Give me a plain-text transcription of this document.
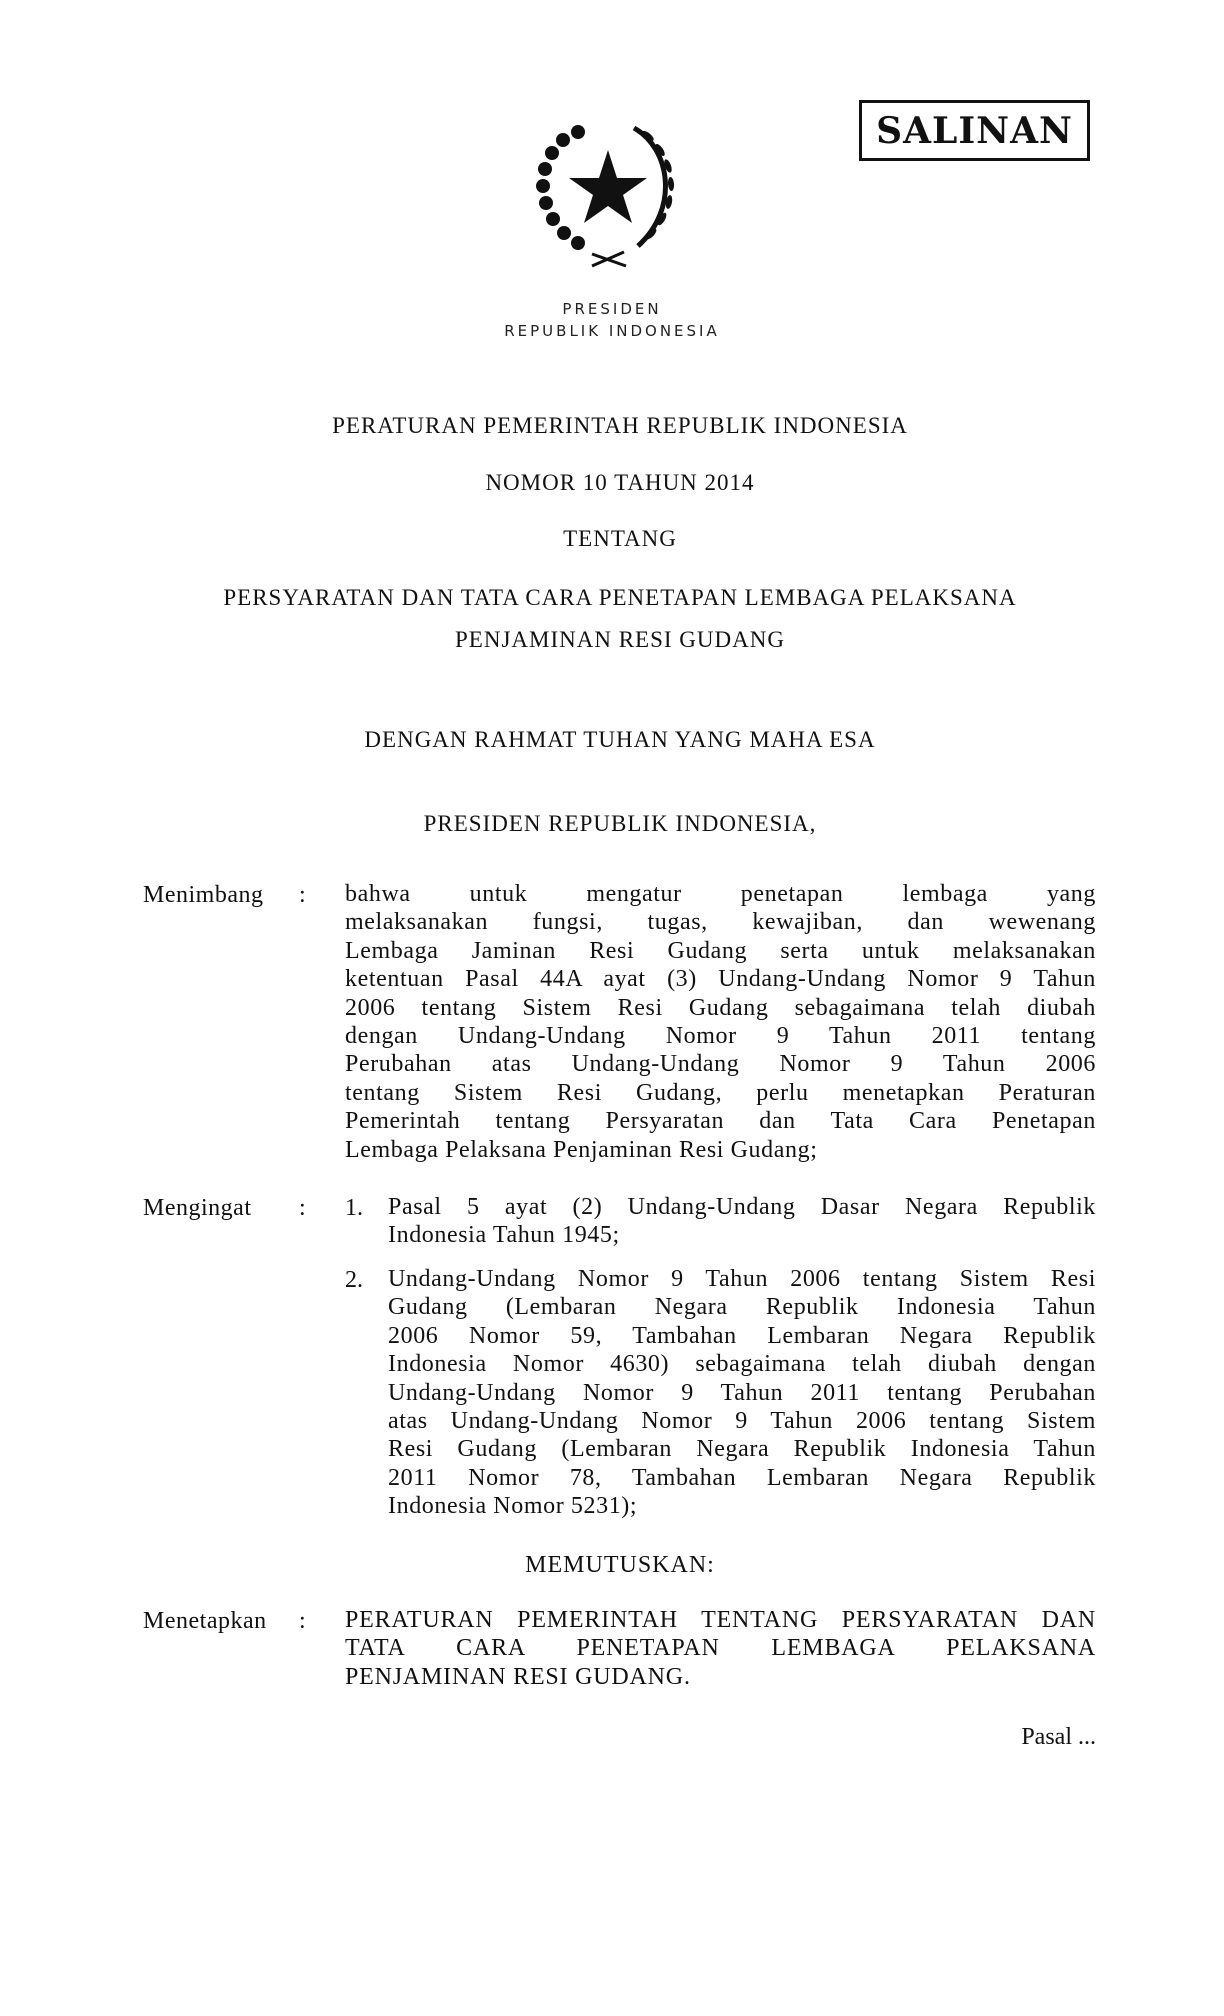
PRESIDEN
REPUBLIK INDONESIA
SALINAN
PERATURAN PEMERINTAH REPUBLIK INDONESIA
NOMOR 10 TAHUN 2014
TENTANG
PERSYARATAN DAN TATA CARA PENETAPAN LEMBAGA PELAKSANA
PENJAMINAN RESI GUDANG
DENGAN RAHMAT TUHAN YANG MAHA ESA
PRESIDEN REPUBLIK INDONESIA,
Menimbang : bahwa untuk mengatur penetapan lembaga yang
melaksanakan fungsi, tugas, kewajiban, dan wewenang
Lembaga Jaminan Resi Gudang serta untuk melaksanakan
ketentuan Pasal 44A ayat (3) Undang-Undang Nomor 9 Tahun
2006 tentang Sistem Resi Gudang sebagaimana telah diubah
dengan Undang-Undang Nomor 9 Tahun 2011 tentang
Perubahan atas Undang-Undang Nomor 9 Tahun 2006
tentang Sistem Resi Gudang, perlu menetapkan Peraturan
Pemerintah tentang Persyaratan dan Tata Cara Penetapan
Lembaga Pelaksana Penjaminan Resi Gudang;
Mengingat : 1. Pasal 5 ayat (2) Undang-Undang Dasar Negara Republik
Indonesia Tahun 1945;
2. Undang-Undang Nomor 9 Tahun 2006 tentang Sistem Resi
Gudang (Lembaran Negara Republik Indonesia Tahun
2006 Nomor 59, Tambahan Lembaran Negara Republik
Indonesia Nomor 4630) sebagaimana telah diubah dengan
Undang-Undang Nomor 9 Tahun 2011 tentang Perubahan
atas Undang-Undang Nomor 9 Tahun 2006 tentang Sistem
Resi Gudang (Lembaran Negara Republik Indonesia Tahun
2011 Nomor 78, Tambahan Lembaran Negara Republik
Indonesia Nomor 5231);
MEMUTUSKAN:
Menetapkan : PERATURAN PEMERINTAH TENTANG PERSYARATAN DAN
TATA CARA PENETAPAN LEMBAGA PELAKSANA
PENJAMINAN RESI GUDANG.
Pasal ...
